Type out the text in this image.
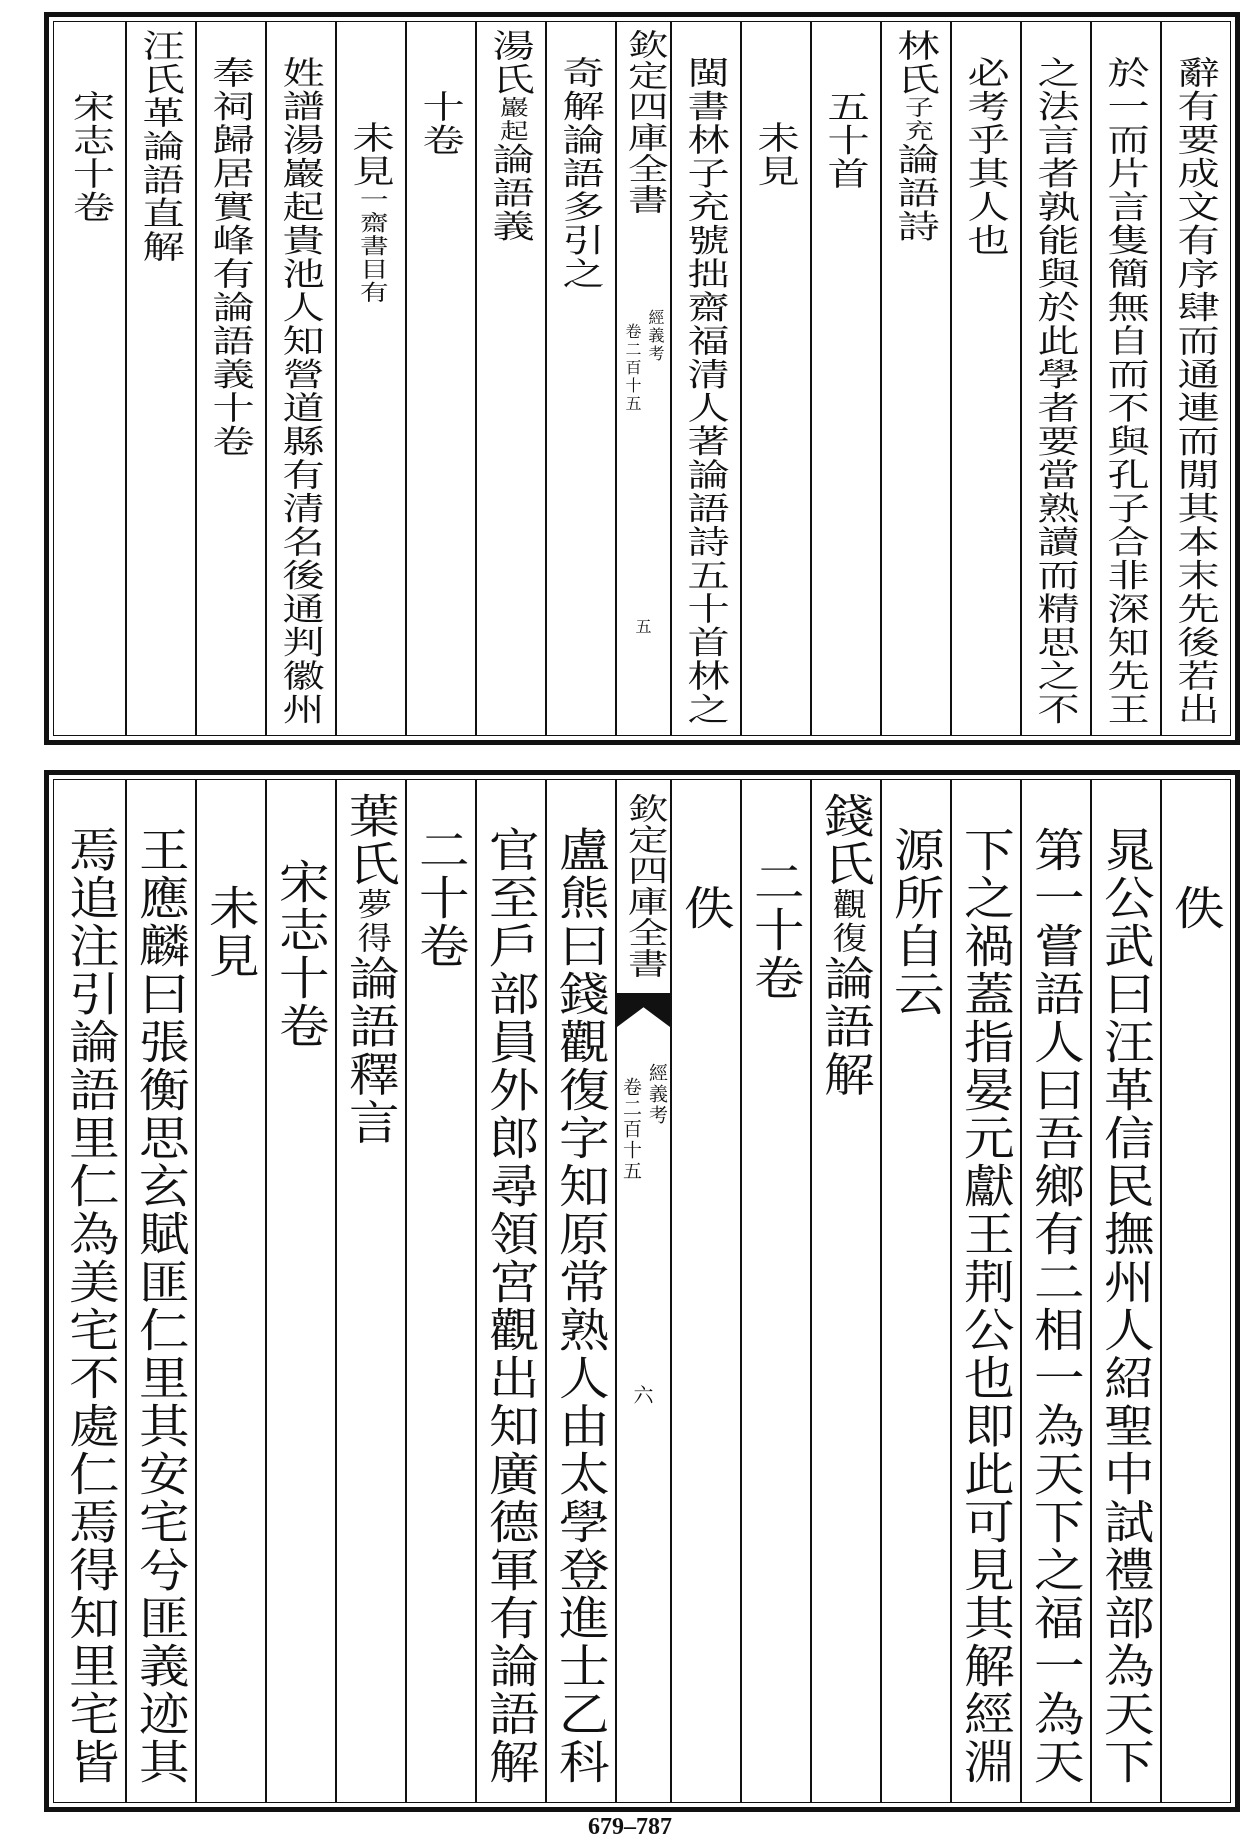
辭有要成文有序肆而通連而閒其本末先後若出
於一而片言隻簡無自而不與孔子合非深知先王
之法言者孰能與於此學者要當熟讀而精思之不
必考乎其人也
林氏子充論語詩
五十首
未見
閩書林子充號拙齋福清人著論語詩五十首林之
欽定四庫全書
經義考
卷二百十五
五
奇解論語多引之
湯氏巖起論語義
十卷
未見一齋書目有
姓譜湯巖起貴池人知營道縣有清名後通判徽州
奉祠歸居實峰有論語義十卷
汪氏革論語直解
宋志十卷
佚
晁公武曰汪革信民撫州人紹聖中試禮部為天下
第一嘗語人曰吾鄉有二相一為天下之福一為天
下之禍蓋指晏元獻王荆公也即此可見其解經淵
源所自云
錢氏觀復論語解
二十卷
佚
欽定四庫全書
經義考
卷二百十五
六
盧熊曰錢觀復字知原常熟人由太學登進士乙科
官至戶部員外郎尋領宮觀出知廣德軍有論語解
二十卷
葉氏夢得論語釋言
宋志十卷
未見
王應麟曰張衡思玄賦匪仁里其安宅兮匪義迹其
焉追注引論語里仁為美宅不處仁焉得知里宅皆
679–787
